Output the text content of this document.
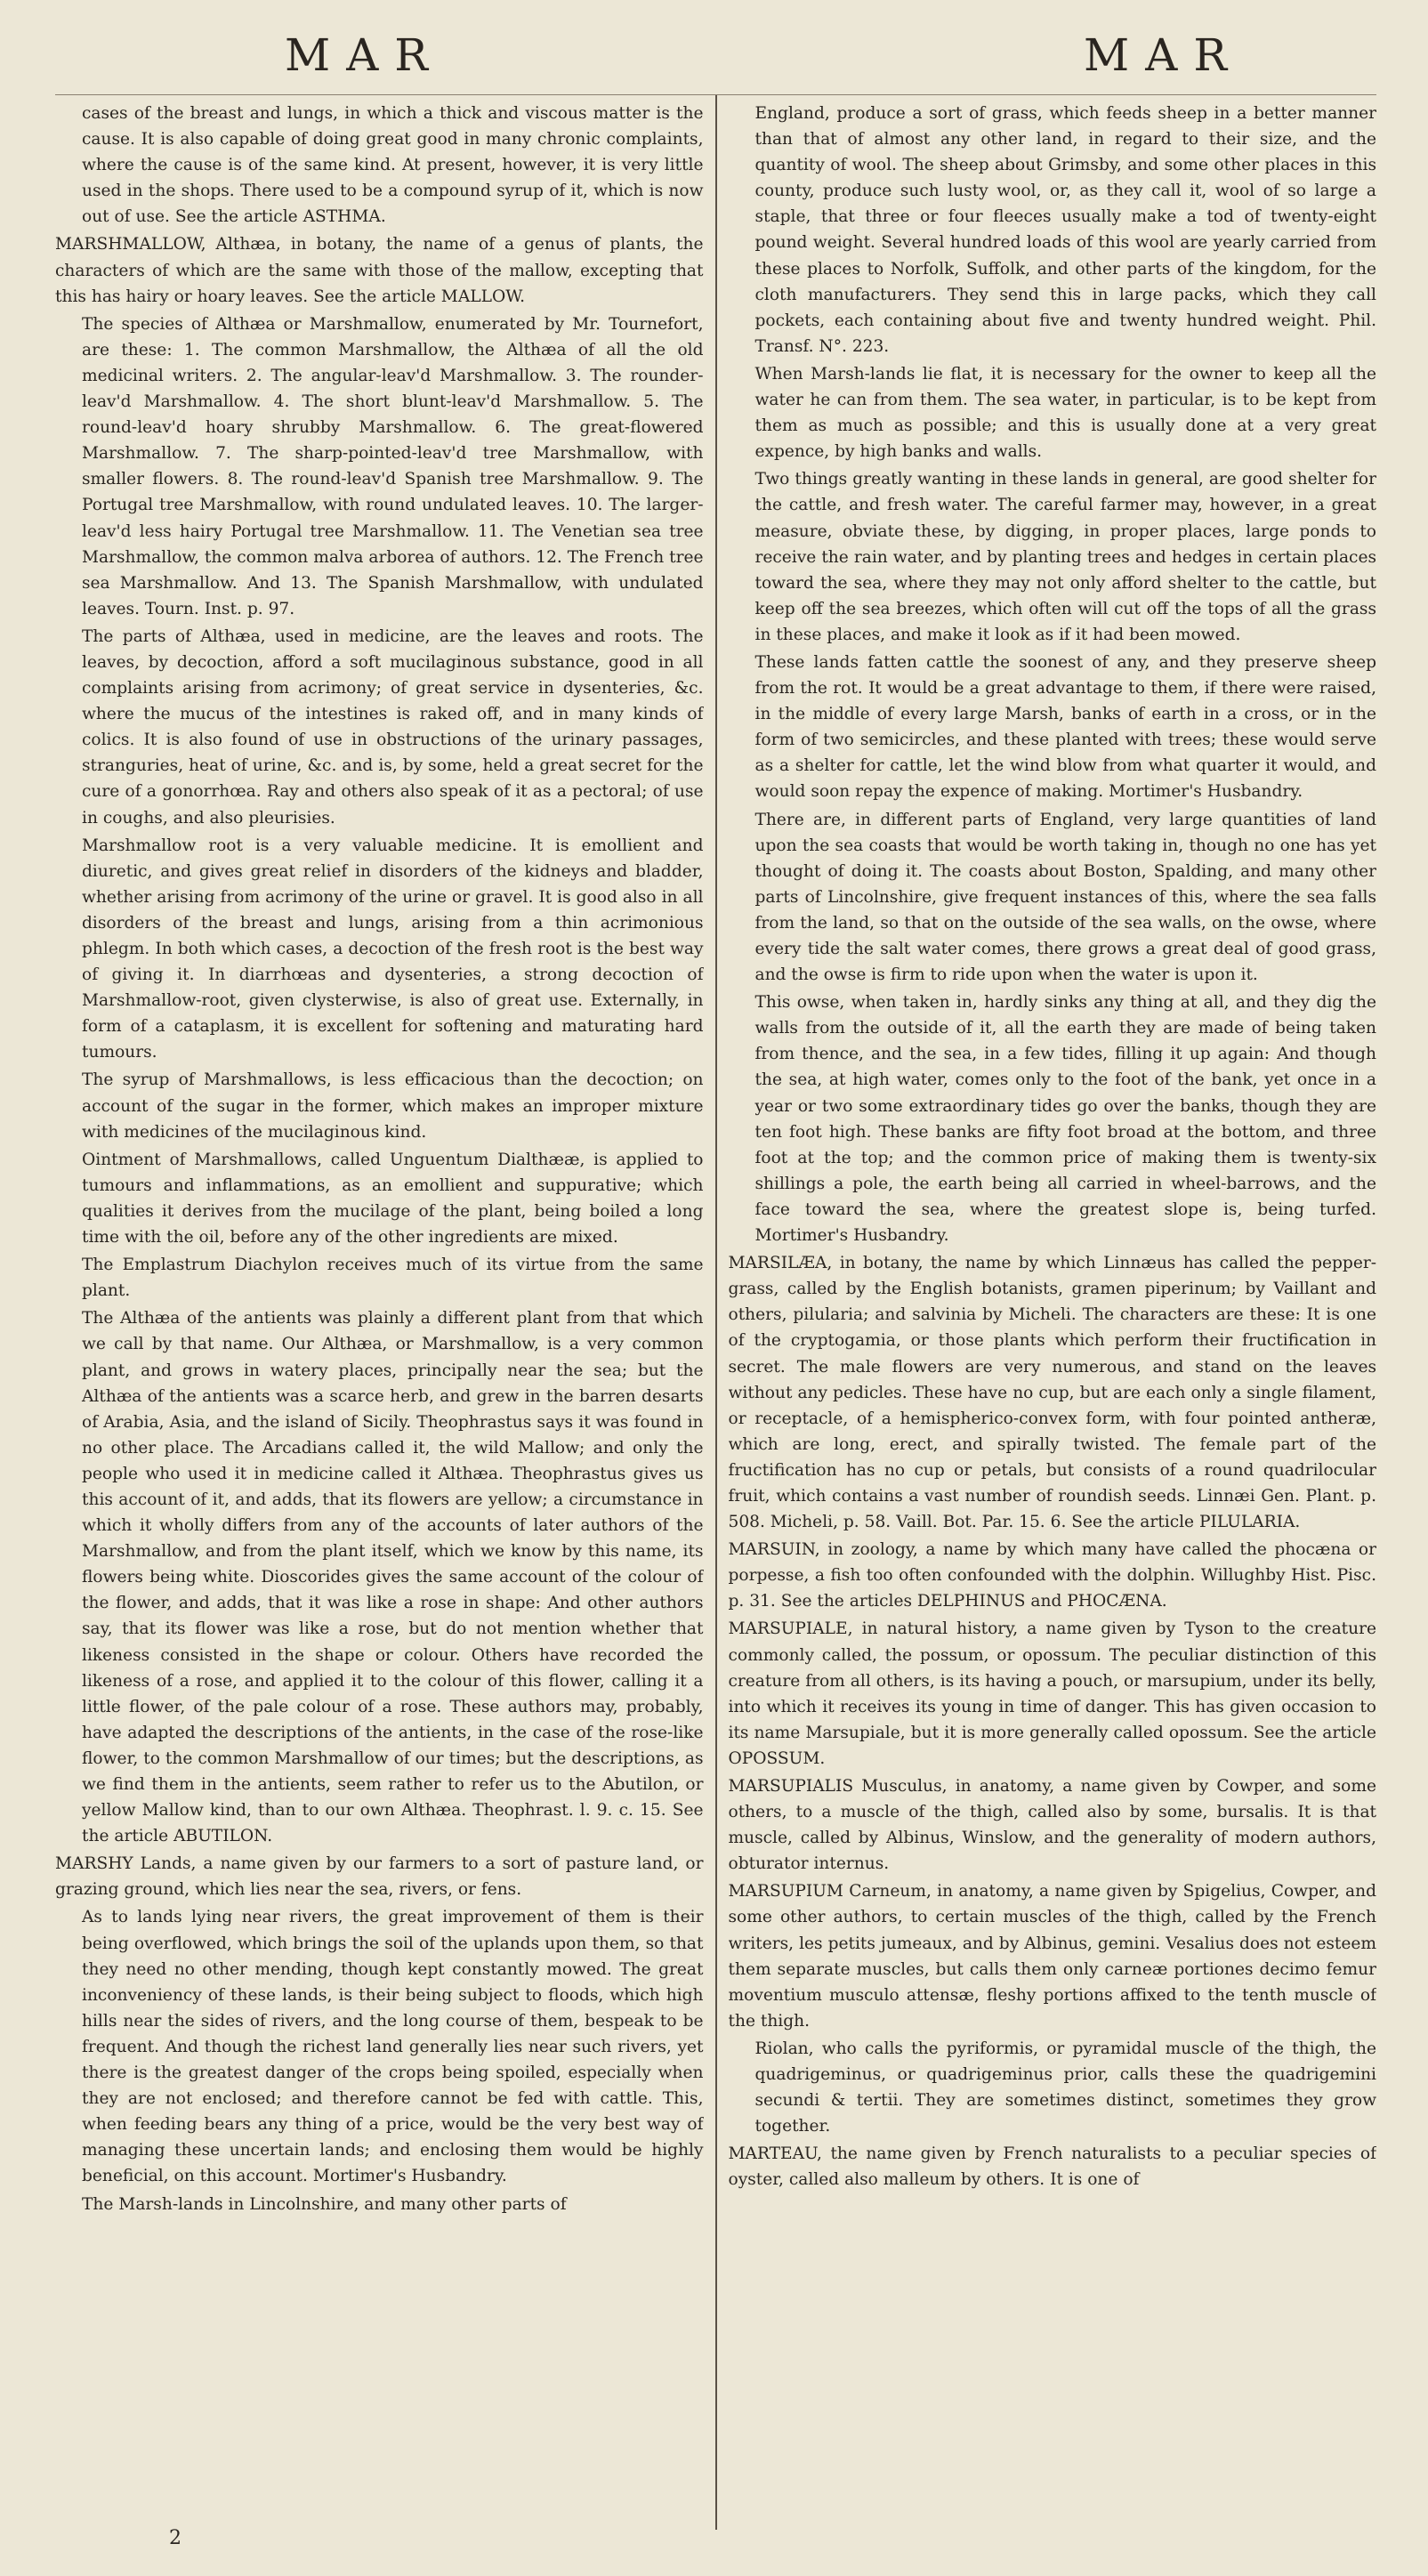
MAR	MAR

cases of the breast and lungs, in which a thick and viscous matter is the cause. It is also capable of doing great good in many chronic complaints, where the cause is of the same kind. At present, however, it is very little used in the shops. There used to be a compound syrup of it, which is now out of use. See the article ASTHMA.

MARSHMALLOW, Althæa, in botany, the name of a genus of plants, the characters of which are the same with those of the mallow, excepting that this has hairy or hoary leaves. See the article MALLOW.

The species of Althæa or Marshmallow, enumerated by Mr. Tournefort, are these: 1. The common Marshmallow, the Althæa of all the old medicinal writers. 2. The angular-leav'd Marshmallow. 3. The rounder-leav'd Marshmallow. 4. The short blunt-leav'd Marshmallow. 5. The round-leav'd hoary shrubby Marshmallow. 6. The great-flowered Marshmallow. 7. The sharp-pointed-leav'd tree Marshmallow, with smaller flowers. 8. The round-leav'd Spanish tree Marshmallow. 9. The Portugal tree Marshmallow, with round undulated leaves. 10. The larger-leav'd less hairy Portugal tree Marshmallow. 11. The Venetian sea tree Marshmallow, the common malva arborea of authors. 12. The French tree sea Marshmallow. And 13. The Spanish Marshmallow, with undulated leaves. Tourn. Inst. p. 97.

The parts of Althæa, used in medicine, are the leaves and roots. The leaves, by decoction, afford a soft mucilaginous substance, good in all complaints arising from acrimony; of great service in dysenteries, &c. where the mucus of the intestines is raked off, and in many kinds of colics. It is also found of use in obstructions of the urinary passages, stranguries, heat of urine, &c. and is, by some, held a great secret for the cure of a gonorrhœa. Ray and others also speak of it as a pectoral; of use in coughs, and also pleurisies.

Marshmallow root is a very valuable medicine. It is emollient and diuretic, and gives great relief in disorders of the kidneys and bladder, whether arising from acrimony of the urine or gravel. It is good also in all disorders of the breast and lungs, arising from a thin acrimonious phlegm. In both which cases, a decoction of the fresh root is the best way of giving it. In diarrhœas and dysenteries, a strong decoction of Marshmallow-root, given clysterwise, is also of great use. Externally, in form of a cataplasm, it is excellent for softening and maturating hard tumours.

The syrup of Marshmallows, is less efficacious than the decoction; on account of the sugar in the former, which makes an improper mixture with medicines of the mucilaginous kind.

Ointment of Marshmallows, called Unguentum Dialthææ, is applied to tumours and inflammations, as an emollient and suppurative; which qualities it derives from the mucilage of the plant, being boiled a long time with the oil, before any of the other ingredients are mixed.

The Emplastrum Diachylon receives much of its virtue from the same plant.

The Althæa of the antients was plainly a different plant from that which we call by that name. Our Althæa, or Marshmallow, is a very common plant, and grows in watery places, principally near the sea; but the Althæa of the antients was a scarce herb, and grew in the barren desarts of Arabia, Asia, and the island of Sicily. Theophrastus says it was found in no other place. The Arcadians called it, the wild Mallow; and only the people who used it in medicine called it Althæa. Theophrastus gives us this account of it, and adds, that its flowers are yellow; a circumstance in which it wholly differs from any of the accounts of later authors of the Marshmallow, and from the plant itself, which we know by this name, its flowers being white. Dioscorides gives the same account of the colour of the flower, and adds, that it was like a rose in shape: And other authors say, that its flower was like a rose, but do not mention whether that likeness consisted in the shape or colour. Others have recorded the likeness of a rose, and applied it to the colour of this flower, calling it a little flower, of the pale colour of a rose. These authors may, probably, have adapted the descriptions of the antients, in the case of the rose-like flower, to the common Marshmallow of our times; but the descriptions, as we find them in the antients, seem rather to refer us to the Abutilon, or yellow Mallow kind, than to our own Althæa. Theophrast. l. 9. c. 15. See the article ABUTILON.

MARSHY Lands, a name given by our farmers to a sort of pasture land, or grazing ground, which lies near the sea, rivers, or fens.

As to lands lying near rivers, the great improvement of them is their being overflowed, which brings the soil of the uplands upon them, so that they need no other mending, though kept constantly mowed. The great inconveniency of these lands, is their being subject to floods, which high hills near the sides of rivers, and the long course of them, bespeak to be frequent. And though the richest land generally lies near such rivers, yet there is the greatest danger of the crops being spoiled, especially when they are not enclosed; and therefore cannot be fed with cattle. This, when feeding bears any thing of a price, would be the very best way of managing these uncertain lands; and enclosing them would be highly beneficial, on this account. Mortimer's Husbandry.

The Marsh-lands in Lincolnshire, and many other parts of

England, produce a sort of grass, which feeds sheep in a better manner than that of almost any other land, in regard to their size, and the quantity of wool. The sheep about Grimsby, and some other places in this county, produce such lusty wool, or, as they call it, wool of so large a staple, that three or four fleeces usually make a tod of twenty-eight pound weight. Several hundred loads of this wool are yearly carried from these places to Norfolk, Suffolk, and other parts of the kingdom, for the cloth manufacturers. They send this in large packs, which they call pockets, each containing about five and twenty hundred weight. Phil. Transf. N°. 223.

When Marsh-lands lie flat, it is necessary for the owner to keep all the water he can from them. The sea water, in particular, is to be kept from them as much as possible; and this is usually done at a very great expence, by high banks and walls.

Two things greatly wanting in these lands in general, are good shelter for the cattle, and fresh water. The careful farmer may, however, in a great measure, obviate these, by digging, in proper places, large ponds to receive the rain water, and by planting trees and hedges in certain places toward the sea, where they may not only afford shelter to the cattle, but keep off the sea breezes, which often will cut off the tops of all the grass in these places, and make it look as if it had been mowed.

These lands fatten cattle the soonest of any, and they preserve sheep from the rot. It would be a great advantage to them, if there were raised, in the middle of every large Marsh, banks of earth in a cross, or in the form of two semicircles, and these planted with trees; these would serve as a shelter for cattle, let the wind blow from what quarter it would, and would soon repay the expence of making. Mortimer's Husbandry.

There are, in different parts of England, very large quantities of land upon the sea coasts that would be worth taking in, though no one has yet thought of doing it. The coasts about Boston, Spalding, and many other parts of Lincolnshire, give frequent instances of this, where the sea falls from the land, so that on the outside of the sea walls, on the owse, where every tide the salt water comes, there grows a great deal of good grass, and the owse is firm to ride upon when the water is upon it.

This owse, when taken in, hardly sinks any thing at all, and they dig the walls from the outside of it, all the earth they are made of being taken from thence, and the sea, in a few tides, filling it up again: And though the sea, at high water, comes only to the foot of the bank, yet once in a year or two some extraordinary tides go over the banks, though they are ten foot high. These banks are fifty foot broad at the bottom, and three foot at the top; and the common price of making them is twenty-six shillings a pole, the earth being all carried in wheel-barrows, and the face toward the sea, where the greatest slope is, being turfed. Mortimer's Husbandry.

MARSILÆA, in botany, the name by which Linnæus has called the pepper-grass, called by the English botanists, gramen piperinum; by Vaillant and others, pilularia; and salvinia by Micheli. The characters are these: It is one of the cryptogamia, or those plants which perform their fructification in secret. The male flowers are very numerous, and stand on the leaves without any pedicles. These have no cup, but are each only a single filament, or receptacle, of a hemispherico-convex form, with four pointed antheræ, which are long, erect, and spirally twisted. The female part of the fructification has no cup or petals, but consists of a round quadrilocular fruit, which contains a vast number of roundish seeds. Linnæi Gen. Plant. p. 508. Micheli, p. 58. Vaill. Bot. Par. 15. 6. See the article PILULARIA.

MARSUIN, in zoology, a name by which many have called the phocæna or porpesse, a fish too often confounded with the dolphin. Willughby Hist. Pisc. p. 31. See the articles DELPHINUS and PHOCÆNA.

MARSUPIALE, in natural history, a name given by Tyson to the creature commonly called, the possum, or opossum. The peculiar distinction of this creature from all others, is its having a pouch, or marsupium, under its belly, into which it receives its young in time of danger. This has given occasion to its name Marsupiale, but it is more generally called opossum. See the article OPOSSUM.

MARSUPIALIS Musculus, in anatomy, a name given by Cowper, and some others, to a muscle of the thigh, called also by some, bursalis. It is that muscle, called by Albinus, Winslow, and the generality of modern authors, obturator internus.

MARSUPIUM Carneum, in anatomy, a name given by Spigelius, Cowper, and some other authors, to certain muscles of the thigh, called by the French writers, les petits jumeaux, and by Albinus, gemini. Vesalius does not esteem them separate muscles, but calls them only carneæ portiones decimo femur moventium musculo attensæ, fleshy portions affixed to the tenth muscle of the thigh.

Riolan, who calls the pyriformis, or pyramidal muscle of the thigh, the quadrigeminus, or quadrigeminus prior, calls these the quadrigemini secundi & tertii. They are sometimes distinct, sometimes they grow together.

MARTEAU, the name given by French naturalists to a peculiar species of oyster, called also malleum by others. It is one of

2
